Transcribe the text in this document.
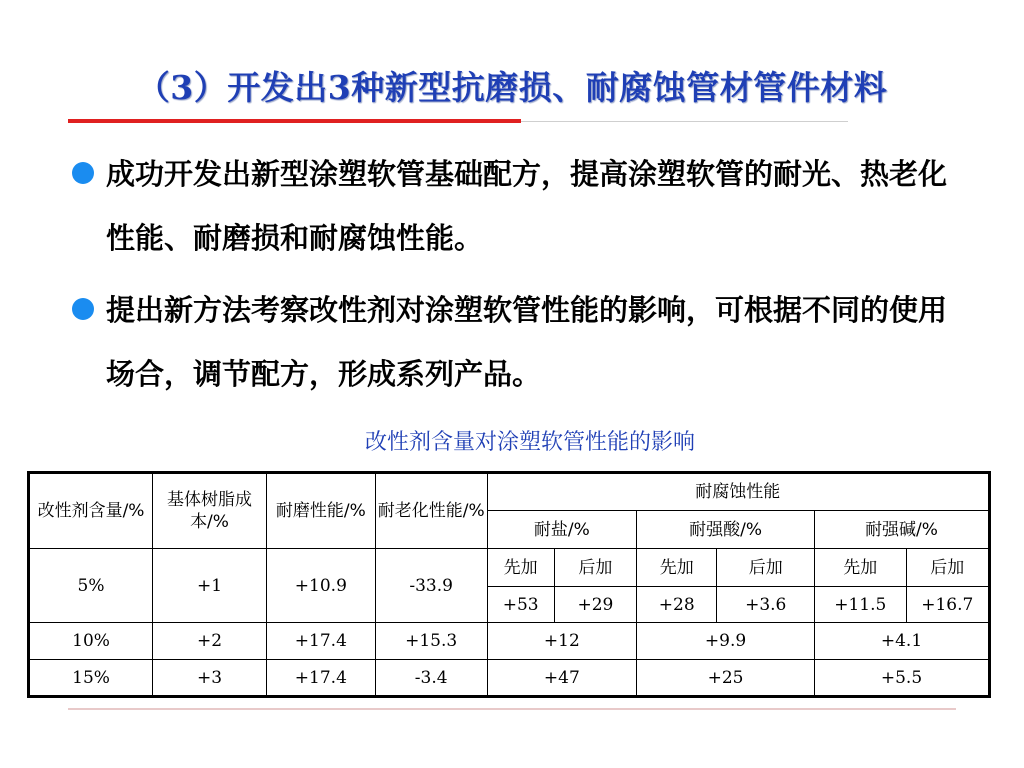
（3）开发出3种新型抗磨损、耐腐蚀管材管件材料
成功开发出新型涂塑软管基础配方，提高涂塑软管的耐光、热老化性能、耐磨损和耐腐蚀性能。
提出新方法考察改性剂对涂塑软管性能的影响，可根据不同的使用场合，调节配方，形成系列产品。
改性剂含量对涂塑软管性能的影响
改性剂含量/%	基体树脂成本/%	耐磨性能/%	耐老化性能/%	耐腐蚀性能					
				耐盐/%		耐强酸/%		耐强碱/%	
5%	+1	+10.9	-33.9	先加	后加	先加	后加	先加	后加
				+53	+29	+28	+3.6	+11.5	+16.7
10%	+2	+17.4	+15.3	+12		+9.9		+4.1	
15%	+3	+17.4	-3.4	+47		+25		+5.5	
